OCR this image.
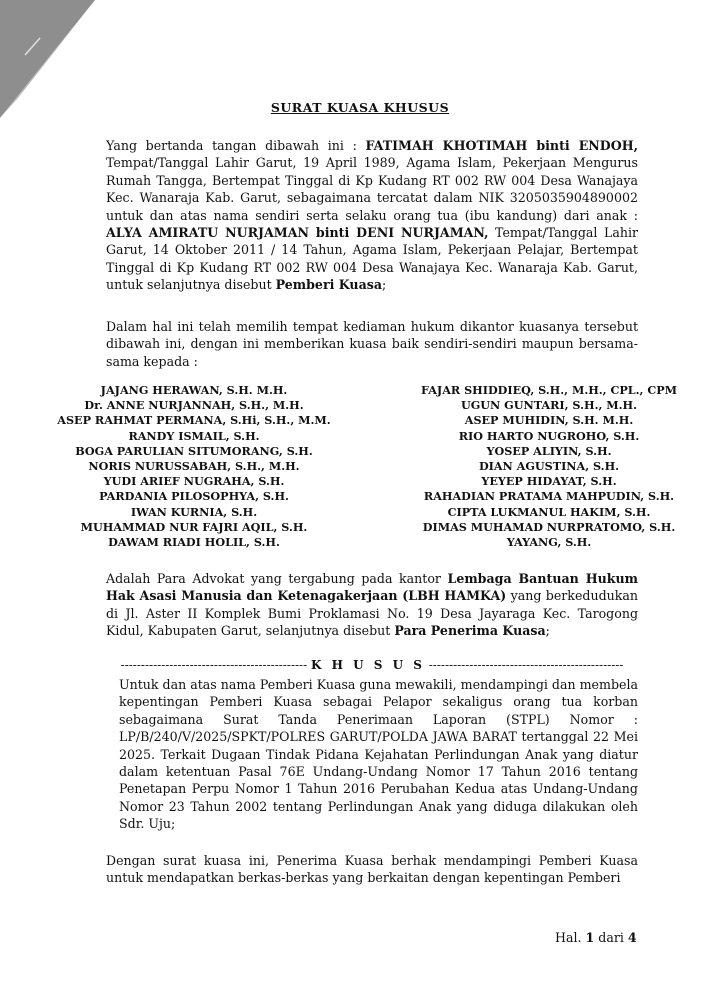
SURAT KUASA KHUSUS

Yang bertanda tangan dibawah ini : FATIMAH KHOTIMAH binti ENDOH, Tempat/Tanggal Lahir Garut, 19 April 1989, Agama Islam, Pekerjaan Mengurus Rumah Tangga, Bertempat Tinggal di Kp Kudang RT 002 RW 004 Desa Wanajaya Kec. Wanaraja Kab. Garut, sebagaimana tercatat dalam NIK 3205035904890002 untuk dan atas nama sendiri serta selaku orang tua (ibu kandung) dari anak : ALYA AMIRATU NURJAMAN binti DENI NURJAMAN, Tempat/Tanggal Lahir Garut, 14 Oktober 2011 / 14 Tahun, Agama Islam, Pekerjaan Pelajar, Bertempat Tinggal di Kp Kudang RT 002 RW 004 Desa Wanajaya Kec. Wanaraja Kab. Garut, untuk selanjutnya disebut Pemberi Kuasa;

Dalam hal ini telah memilih tempat kediaman hukum dikantor kuasanya tersebut dibawah ini, dengan ini memberikan kuasa baik sendiri-sendiri maupun bersama-sama kepada :

JAJANG HERAWAN, S.H. M.H.
Dr. ANNE NURJANNAH, S.H., M.H.
ASEP RAHMAT PERMANA, S.Hi, S.H., M.M.
RANDY ISMAIL, S.H.
BOGA PARULIAN SITUMORANG, S.H.
NORIS NURUSSABAH, S.H., M.H.
YUDI ARIEF NUGRAHA, S.H.
PARDANIA PILOSOPHYA, S.H.
IWAN KURNIA, S.H.
MUHAMMAD NUR FAJRI AQIL, S.H.
DAWAM RIADI HOLIL, S.H.
FAJAR SHIDDIEQ, S.H., M.H., CPL., CPM
UGUN GUNTARI, S.H., M.H.
ASEP MUHIDIN, S.H. M.H.
RIO HARTO NUGROHO, S.H.
YOSEP ALIYIN, S.H.
DIAN AGUSTINA, S.H.
YEYEP HIDAYAT, S.H.
RAHADIAN PRATAMA MAHPUDIN, S.H.
CIPTA LUKMANUL HAKIM, S.H.
DIMAS MUHAMAD NURPRATOMO, S.H.
YAYANG, S.H.

Adalah Para Advokat yang tergabung pada kantor Lembaga Bantuan Hukum Hak Asasi Manusia dan Ketenagakerjaan (LBH HAMKA) yang berkedudukan di Jl. Aster II Komplek Bumi Proklamasi No. 19 Desa Jayaraga Kec. Tarogong Kidul, Kabupaten Garut, selanjutnya disebut Para Penerima Kuasa;

---------------------------------------------- K H U S U S ------------------------------------------------

Untuk dan atas nama Pemberi Kuasa guna mewakili, mendampingi dan membela kepentingan Pemberi Kuasa sebagai Pelapor sekaligus orang tua korban sebagaimana Surat Tanda Penerimaan Laporan (STPL) Nomor : LP/B/240/V/2025/SPKT/POLRES GARUT/POLDA JAWA BARAT tertanggal 22 Mei 2025. Terkait Dugaan Tindak Pidana Kejahatan Perlindungan Anak yang diatur dalam ketentuan Pasal 76E Undang-Undang Nomor 17 Tahun 2016 tentang Penetapan Perpu Nomor 1 Tahun 2016 Perubahan Kedua atas Undang-Undang Nomor 23 Tahun 2002 tentang Perlindungan Anak yang diduga dilakukan oleh Sdr. Uju;

Dengan surat kuasa ini, Penerima Kuasa berhak mendampingi Pemberi Kuasa untuk mendapatkan berkas-berkas yang berkaitan dengan kepentingan Pemberi

Hal. 1 dari 4
